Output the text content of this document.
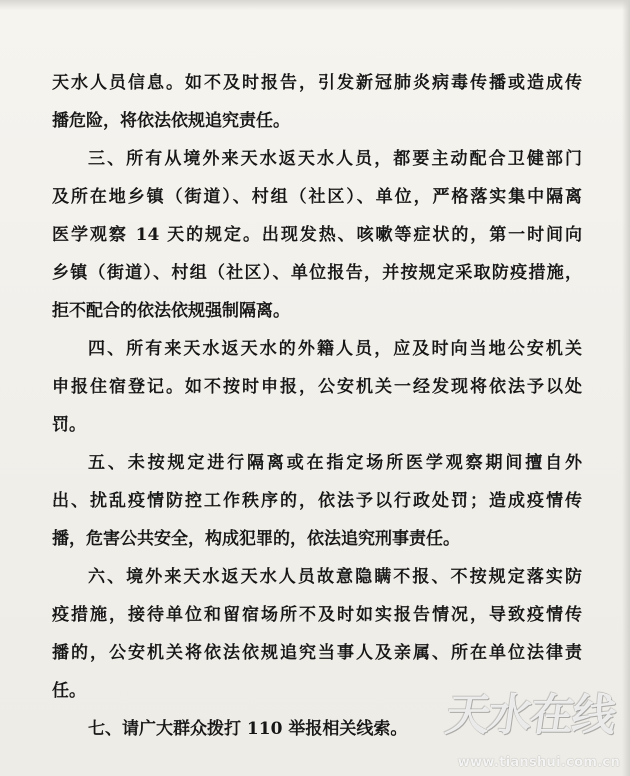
天水人员信息。如不及时报告，引发新冠肺炎病毒传播或造成传
播危险，将依法依规追究责任。
三、所有从境外来天水返天水人员，都要主动配合卫健部门
及所在地乡镇（街道）、村组（社区）、单位，严格落实集中隔离
医学观察 14 天的规定。出现发热、咳嗽等症状的，第一时间向
乡镇（街道）、村组（社区）、单位报告，并按规定采取防疫措施，
拒不配合的依法依规强制隔离。
四、所有来天水返天水的外籍人员，应及时向当地公安机关
申报住宿登记。如不按时申报，公安机关一经发现将依法予以处
罚。
五、未按规定进行隔离或在指定场所医学观察期间擅自外
出、扰乱疫情防控工作秩序的，依法予以行政处罚；造成疫情传
播，危害公共安全，构成犯罪的，依法追究刑事责任。
六、境外来天水返天水人员故意隐瞒不报、不按规定落实防
疫措施，接待单位和留宿场所不及时如实报告情况，导致疫情传
播的，公安机关将依法依规追究当事人及亲属、所在单位法律责
任。
七、请广大群众拨打 110 举报相关线索。 天
水
在
线
www.tianshui.com.cn
